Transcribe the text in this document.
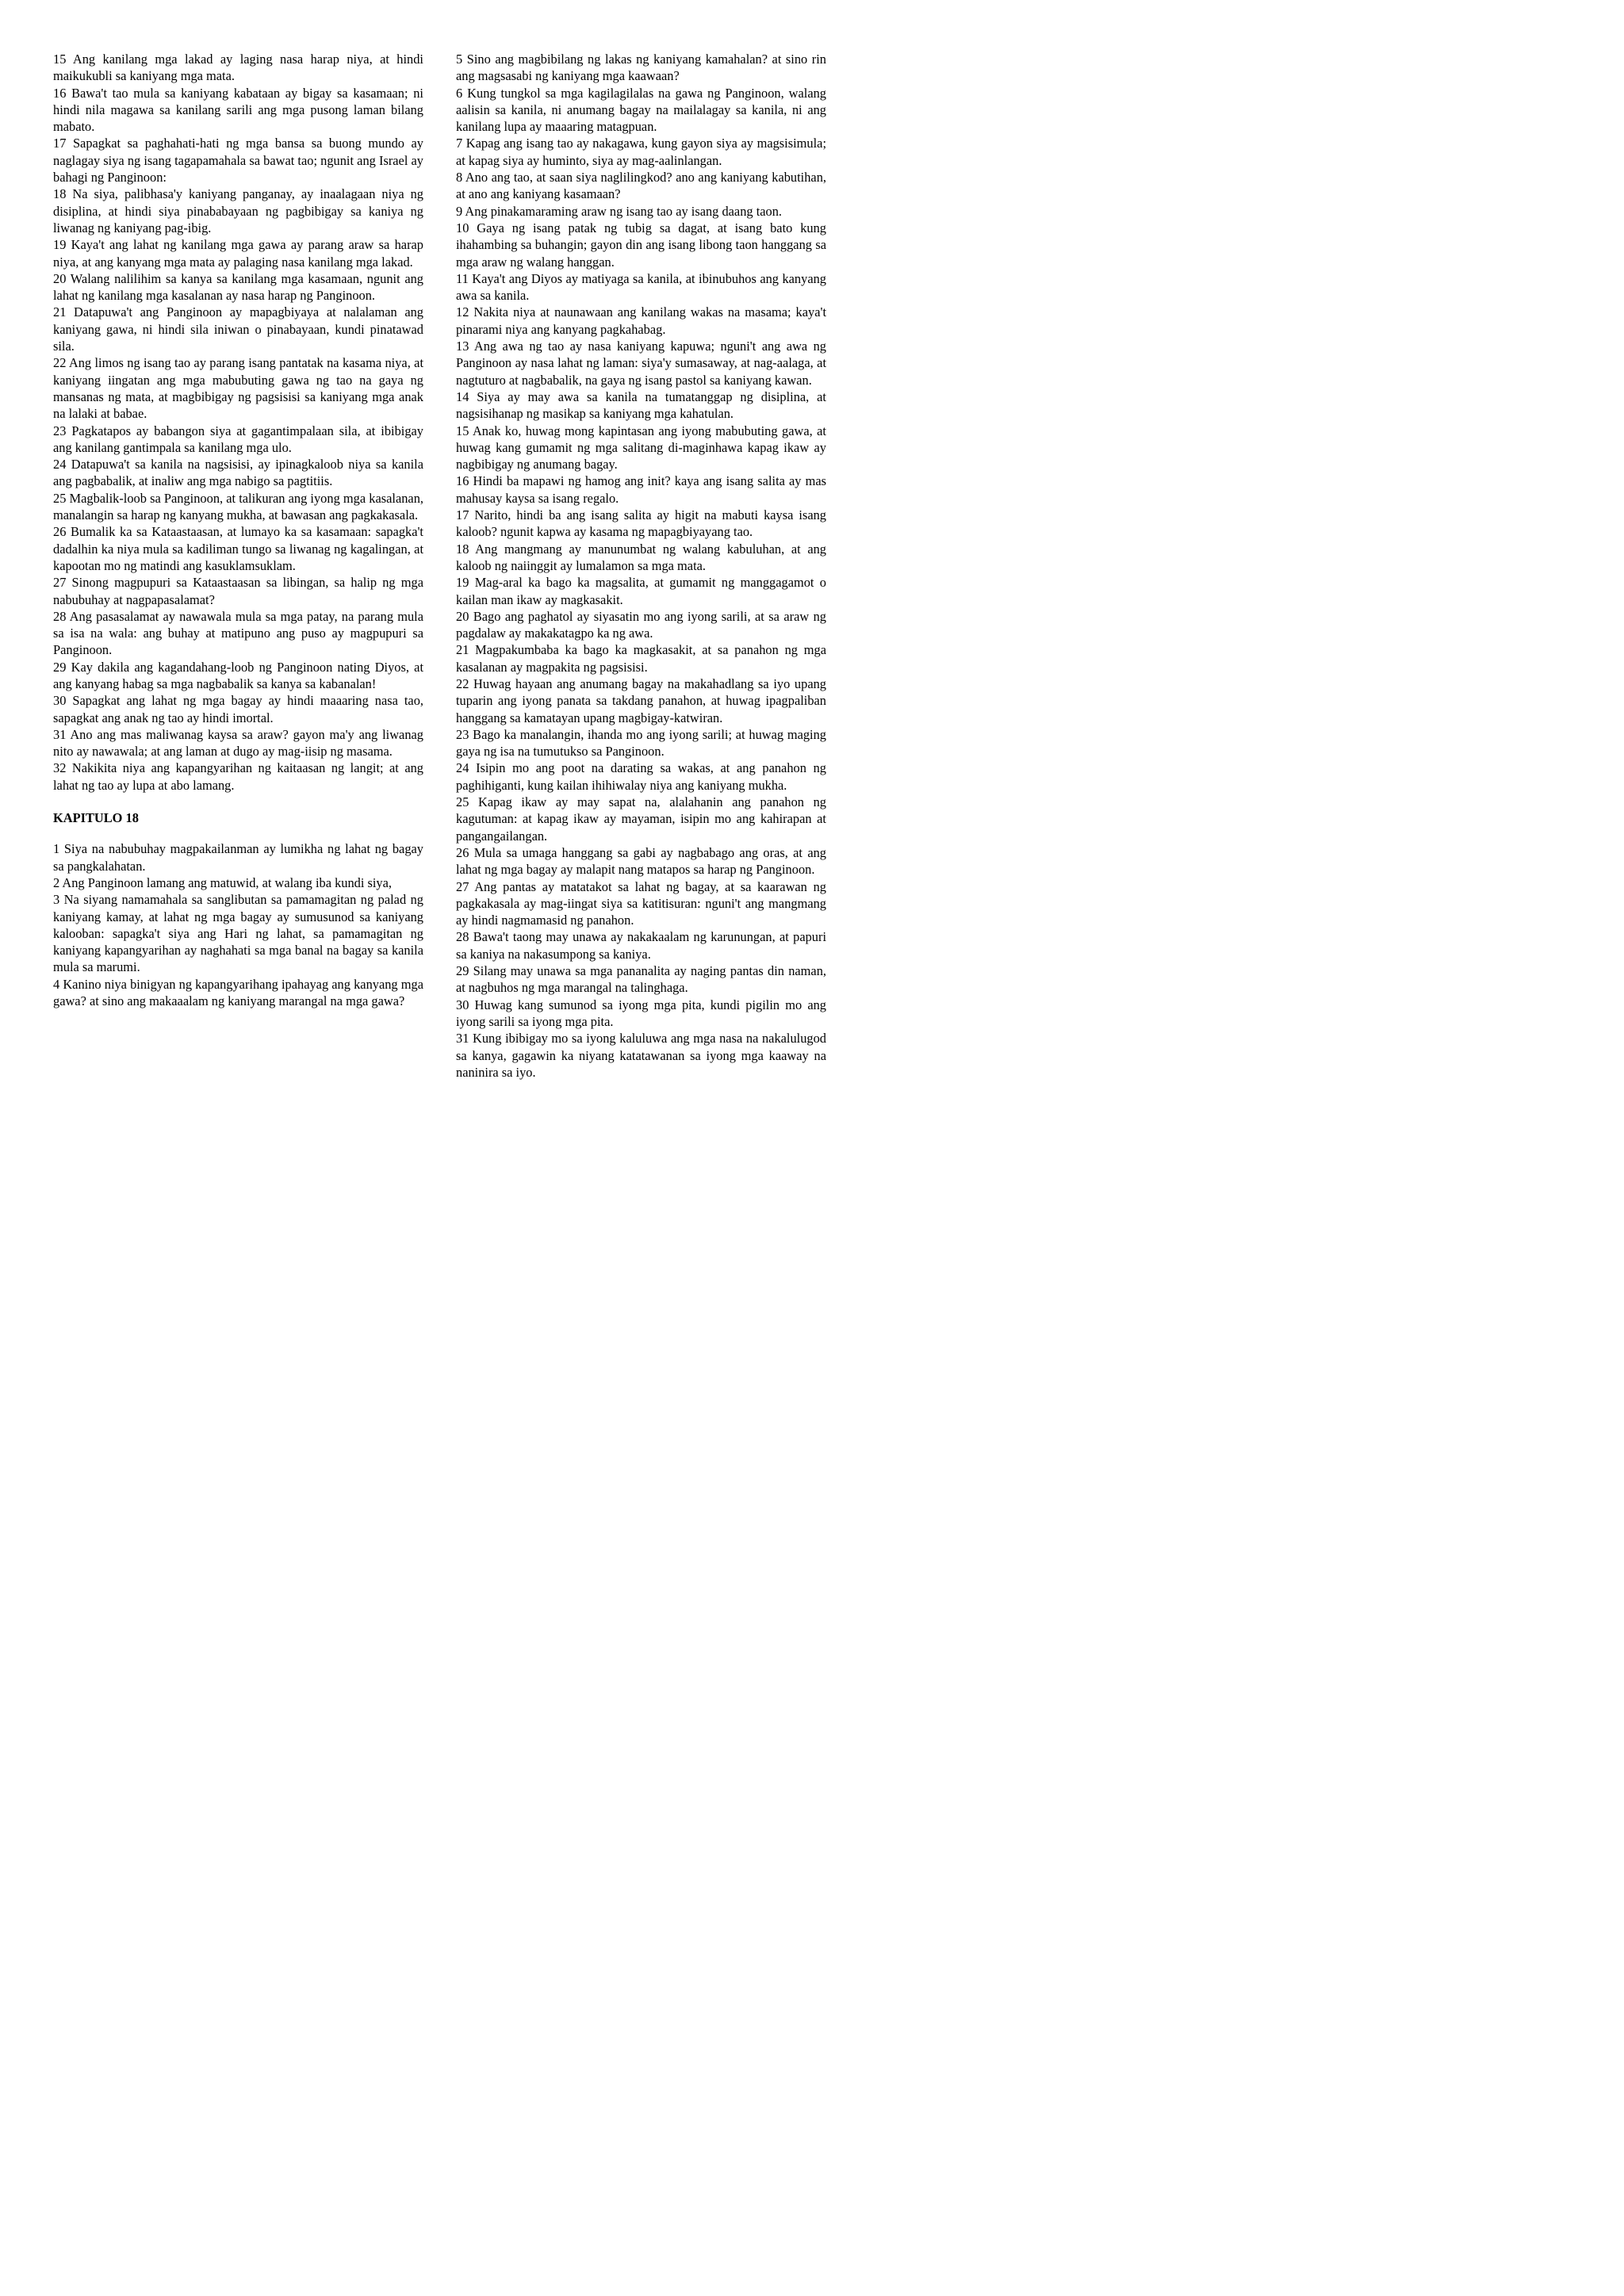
15 Ang kanilang mga lakad ay laging nasa harap niya, at hindi maikukubli sa kaniyang mga mata.

16 Bawa't tao mula sa kaniyang kabataan ay bigay sa kasamaan; ni hindi nila magawa sa kanilang sarili ang mga pusong laman bilang mabato.

17 Sapagkat sa paghahati-hati ng mga bansa sa buong mundo ay naglagay siya ng isang tagapamahala sa bawat tao; ngunit ang Israel ay bahagi ng Panginoon:

18 Na siya, palibhasa'y kaniyang panganay, ay inaalagaan niya ng disiplina, at hindi siya pinababayaan ng pagbibigay sa kaniya ng liwanag ng kaniyang pag-ibig.

19 Kaya't ang lahat ng kanilang mga gawa ay parang araw sa harap niya, at ang kanyang mga mata ay palaging nasa kanilang mga lakad.

20 Walang nalilihim sa kanya sa kanilang mga kasamaan, ngunit ang lahat ng kanilang mga kasalanan ay nasa harap ng Panginoon.

21 Datapuwa't ang Panginoon ay mapagbiyaya at nalalaman ang kaniyang gawa, ni hindi sila iniwan o pinabayaan, kundi pinatawad sila.

22 Ang limos ng isang tao ay parang isang pantatak na kasama niya, at kaniyang iingatan ang mga mabubuting gawa ng tao na gaya ng mansanas ng mata, at magbibigay ng pagsisisi sa kaniyang mga anak na lalaki at babae.

23 Pagkatapos ay babangon siya at gagantimpalaan sila, at ibibigay ang kanilang gantimpala sa kanilang mga ulo.

24 Datapuwa't sa kanila na nagsisisi, ay ipinagkaloob niya sa kanila ang pagbabalik, at inaliw ang mga nabigo sa pagtitiis.

25 Magbalik-loob sa Panginoon, at talikuran ang iyong mga kasalanan, manalangin sa harap ng kanyang mukha, at bawasan ang pagkakasala.

26 Bumalik ka sa Kataastaasan, at lumayo ka sa kasamaan: sapagka't dadalhin ka niya mula sa kadiliman tungo sa liwanag ng kagalingan, at kapootan mo ng matindi ang kasuklamsuklam.

27 Sinong magpupuri sa Kataastaasan sa libingan, sa halip ng mga nabubuhay at nagpapasalamat?

28 Ang pasasalamat ay nawawala mula sa mga patay, na parang mula sa isa na wala: ang buhay at matipuno ang puso ay magpupuri sa Panginoon.

29 Kay dakila ang kagandahang-loob ng Panginoon nating Diyos, at ang kanyang habag sa mga nagbabalik sa kanya sa kabanalan!

30 Sapagkat ang lahat ng mga bagay ay hindi maaaring nasa tao, sapagkat ang anak ng tao ay hindi imortal.

31 Ano ang mas maliwanag kaysa sa araw? gayon ma'y ang liwanag nito ay nawawala; at ang laman at dugo ay mag-iisip ng masama.

32 Nakikita niya ang kapangyarihan ng kaitaasan ng langit; at ang lahat ng tao ay lupa at abo lamang.

KAPITULO 18

1 Siya na nabubuhay magpakailanman ay lumikha ng lahat ng bagay sa pangkalahatan.

2 Ang Panginoon lamang ang matuwid, at walang iba kundi siya,

3 Na siyang namamahala sa sanglibutan sa pamamagitan ng palad ng kaniyang kamay, at lahat ng mga bagay ay sumusunod sa kaniyang kalooban: sapagka't siya ang Hari ng lahat, sa pamamagitan ng kaniyang kapangyarihan ay naghahati sa mga banal na bagay sa kanila mula sa marumi.

4 Kanino niya binigyan ng kapangyarihang ipahayag ang kanyang mga gawa? at sino ang makaaalam ng kaniyang marangal na mga gawa?

5 Sino ang magbibilang ng lakas ng kaniyang kamahalan? at sino rin ang magsasabi ng kaniyang mga kaawaan?

6 Kung tungkol sa mga kagilagilalas na gawa ng Panginoon, walang aalisin sa kanila, ni anumang bagay na mailalagay sa kanila, ni ang kanilang lupa ay maaaring matagpuan.

7 Kapag ang isang tao ay nakagawa, kung gayon siya ay magsisimula; at kapag siya ay huminto, siya ay mag-aalinlangan.

8 Ano ang tao, at saan siya naglilingkod? ano ang kaniyang kabutihan, at ano ang kaniyang kasamaan?

9 Ang pinakamaraming araw ng isang tao ay isang daang taon.

10 Gaya ng isang patak ng tubig sa dagat, at isang bato kung ihahambing sa buhangin; gayon din ang isang libong taon hanggang sa mga araw ng walang hanggan.

11 Kaya't ang Diyos ay matiyaga sa kanila, at ibinubuhos ang kanyang awa sa kanila.

12 Nakita niya at naunawaan ang kanilang wakas na masama; kaya't pinarami niya ang kanyang pagkahabag.

13 Ang awa ng tao ay nasa kaniyang kapuwa; nguni't ang awa ng Panginoon ay nasa lahat ng laman: siya'y sumasaway, at nag-aalaga, at nagtuturo at nagbabalik, na gaya ng isang pastol sa kaniyang kawan.

14 Siya ay may awa sa kanila na tumatanggap ng disiplina, at nagsisihanap ng masikap sa kaniyang mga kahatulan.

15 Anak ko, huwag mong kapintasan ang iyong mabubuting gawa, at huwag kang gumamit ng mga salitang di-maginhawa kapag ikaw ay nagbibigay ng anumang bagay.

16 Hindi ba mapawi ng hamog ang init? kaya ang isang salita ay mas mahusay kaysa sa isang regalo.

17 Narito, hindi ba ang isang salita ay higit na mabuti kaysa isang kaloob? ngunit kapwa ay kasama ng mapagbiyayang tao.

18 Ang mangmang ay manunumbat ng walang kabuluhan, at ang kaloob ng naiinggit ay lumalamon sa mga mata.

19 Mag-aral ka bago ka magsalita, at gumamit ng manggagamot o kailan man ikaw ay magkasakit.

20 Bago ang paghatol ay siyasatin mo ang iyong sarili, at sa araw ng pagdalaw ay makakatagpo ka ng awa.

21 Magpakumbaba ka bago ka magkasakit, at sa panahon ng mga kasalanan ay magpakita ng pagsisisi.

22 Huwag hayaan ang anumang bagay na makahadlang sa iyo upang tuparin ang iyong panata sa takdang panahon, at huwag ipagpaliban hanggang sa kamatayan upang magbigay-katwiran.

23 Bago ka manalangin, ihanda mo ang iyong sarili; at huwag maging gaya ng isa na tumutukso sa Panginoon.

24 Isipin mo ang poot na darating sa wakas, at ang panahon ng paghihiganti, kung kailan ihihiwalay niya ang kaniyang mukha.

25 Kapag ikaw ay may sapat na, alalahanin ang panahon ng kagutuman: at kapag ikaw ay mayaman, isipin mo ang kahirapan at pangangailangan.

26 Mula sa umaga hanggang sa gabi ay nagbabago ang oras, at ang lahat ng mga bagay ay malapit nang matapos sa harap ng Panginoon.

27 Ang pantas ay matatakot sa lahat ng bagay, at sa kaarawan ng pagkakasala ay mag-iingat siya sa katitisuran: nguni't ang mangmang ay hindi nagmamasid ng panahon.

28 Bawa't taong may unawa ay nakakaalam ng karunungan, at papuri sa kaniya na nakasumpong sa kaniya.

29 Silang may unawa sa mga pananalita ay naging pantas din naman, at nagbuhos ng mga marangal na talinghaga.

30 Huwag kang sumunod sa iyong mga pita, kundi pigilin mo ang iyong sarili sa iyong mga pita.

31 Kung ibibigay mo sa iyong kaluluwa ang mga nasa na nakalulugod sa kanya, gagawin ka niyang katatawanan sa iyong mga kaaway na naninira sa iyo.
